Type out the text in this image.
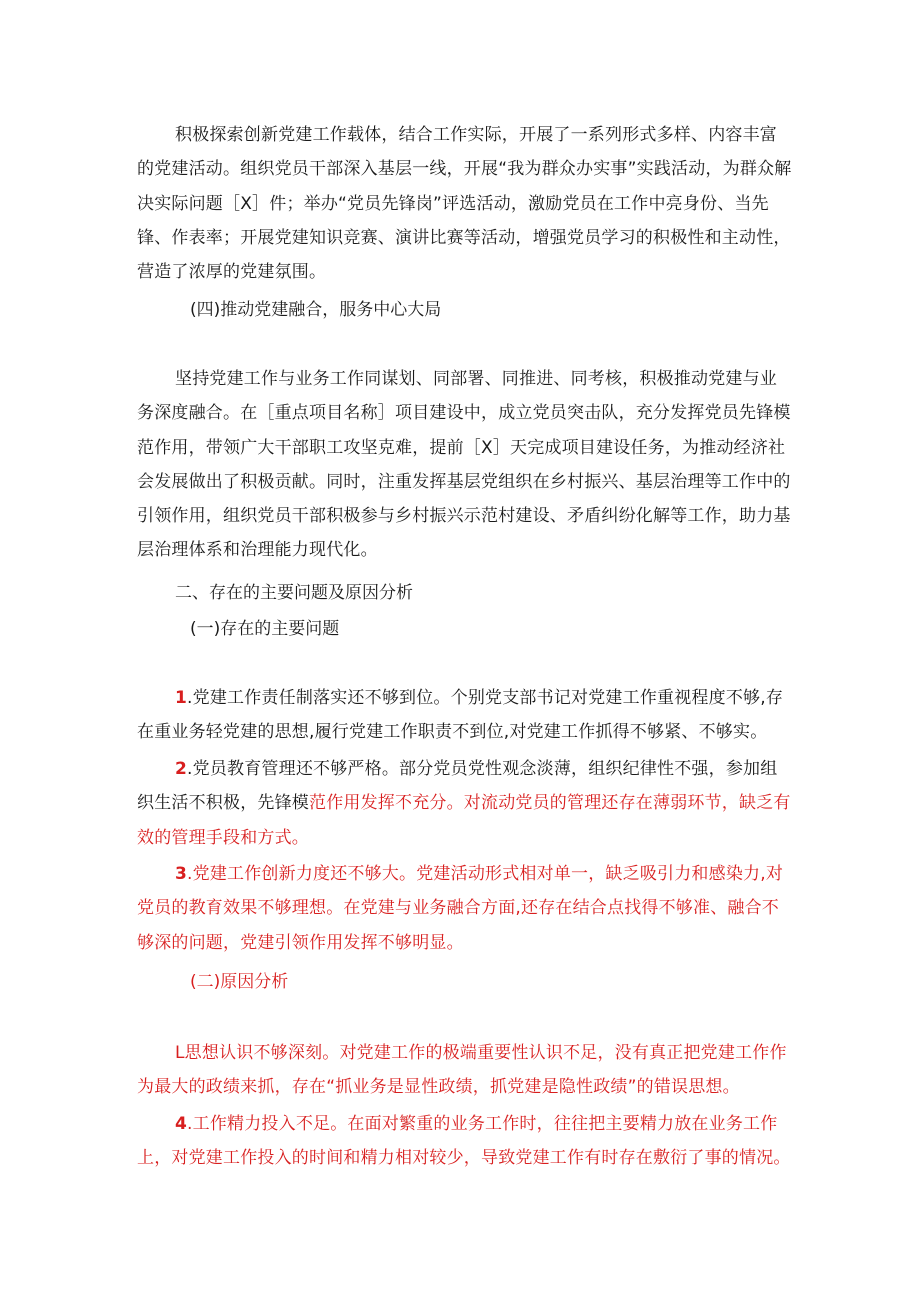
积极探索创新党建工作载体，结合工作实际，开展了一系列形式多样、内容丰富的党建活动。组织党员干部深入基层一线，开展“我为群众办实事”实践活动，为群众解决实际问题［X］件；举办“党员先锋岗”评选活动，激励党员在工作中亮身份、当先锋、作表率；开展党建知识竞赛、演讲比赛等活动，增强党员学习的积极性和主动性，营造了浓厚的党建氛围。

(四)推动党建融合，服务中心大局

坚持党建工作与业务工作同谋划、同部署、同推进、同考核，积极推动党建与业务深度融合。在［重点项目名称］项目建设中，成立党员突击队，充分发挥党员先锋模范作用，带领广大干部职工攻坚克难，提前［X］天完成项目建设任务，为推动经济社会发展做出了积极贡献。同时，注重发挥基层党组织在乡村振兴、基层治理等工作中的引领作用，组织党员干部积极参与乡村振兴示范村建设、矛盾纠纷化解等工作，助力基层治理体系和治理能力现代化。

二、存在的主要问题及原因分析

(一)存在的主要问题

1.党建工作责任制落实还不够到位。个别党支部书记对党建工作重视程度不够,存在重业务轻党建的思想,履行党建工作职责不到位,对党建工作抓得不够紧、不够实。

2.党员教育管理还不够严格。部分党员党性观念淡薄，组织纪律性不强，参加组织生活不积极，先锋模范作用发挥不充分。对流动党员的管理还存在薄弱环节，缺乏有效的管理手段和方式。

3.党建工作创新力度还不够大。党建活动形式相对单一，缺乏吸引力和感染力,对党员的教育效果不够理想。在党建与业务融合方面,还存在结合点找得不够准、融合不够深的问题，党建引领作用发挥不够明显。

(二)原因分析

L思想认识不够深刻。对党建工作的极端重要性认识不足，没有真正把党建工作作为最大的政绩来抓，存在“抓业务是显性政绩，抓党建是隐性政绩”的错误思想。

4.工作精力投入不足。在面对繁重的业务工作时，往往把主要精力放在业务工作上，对党建工作投入的时间和精力相对较少，导致党建工作有时存在敷衍了事的情况。
